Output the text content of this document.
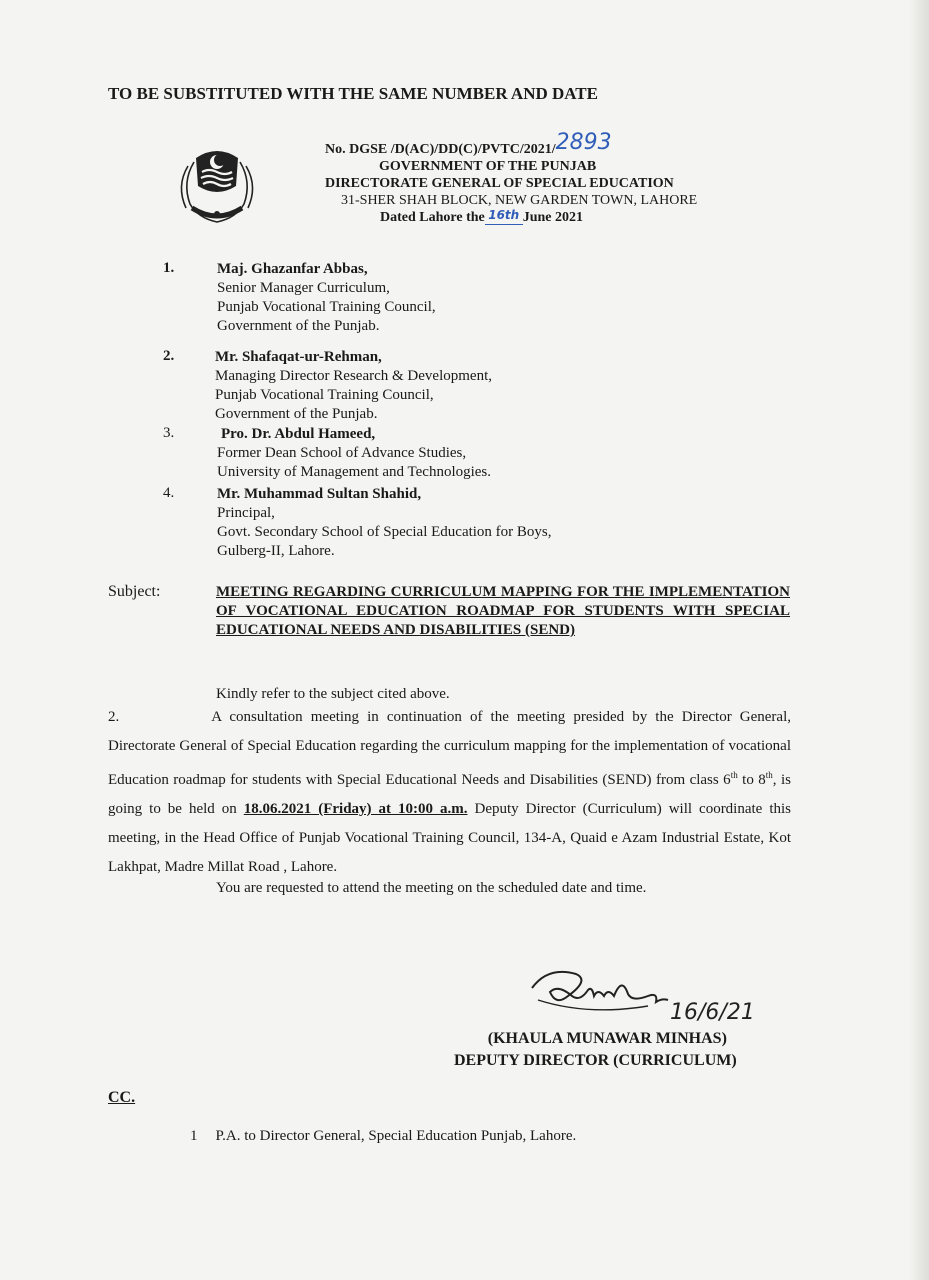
TO BE SUBSTITUTED WITH THE SAME NUMBER AND DATE
No. DGSE /D(AC)/DD(C)/PVTC/2021/2893
GOVERNMENT OF THE PUNJAB
DIRECTORATE GENERAL OF SPECIAL EDUCATION
31-SHER SHAH BLOCK, NEW GARDEN TOWN, LAHORE
Dated Lahore the 16th June 2021
1.	Maj. Ghazanfar Abbas,
Senior Manager Curriculum,
Punjab Vocational Training Council,
Government of the Punjab.
2.	Mr. Shafaqat-ur-Rehman,
Managing Director Research & Development,
Punjab Vocational Training Council,
Government of the Punjab.
3.	Pro. Dr. Abdul Hameed,
Former Dean School of Advance Studies,
University of Management and Technologies.
4.	Mr. Muhammad Sultan Shahid,
Principal,
Govt. Secondary School of Special Education for Boys,
Gulberg-II, Lahore.
Subject:	MEETING REGARDING CURRICULUM MAPPING FOR THE IMPLEMENTATION OF VOCATIONAL EDUCATION ROADMAP FOR STUDENTS WITH SPECIAL EDUCATIONAL NEEDS AND DISABILITIES (SEND)
Kindly refer to the subject cited above.
2.	A consultation meeting in continuation of the meeting presided by the Director General, Directorate General of Special Education regarding the curriculum mapping for the implementation of vocational Education roadmap for students with Special Educational Needs and Disabilities (SEND) from class 6th to 8th, is going to be held on 18.06.2021 (Friday) at 10:00 a.m. Deputy Director (Curriculum) will coordinate this meeting, in the Head Office of Punjab Vocational Training Council, 134-A, Quaid e Azam Industrial Estate, Kot Lakhpat, Madre Millat Road , Lahore.
You are requested to attend the meeting on the scheduled date and time.
16/6/21
(KHAULA MUNAWAR MINHAS)
DEPUTY DIRECTOR (CURRICULUM)
CC.
1 P.A. to Director General, Special Education Punjab, Lahore.
